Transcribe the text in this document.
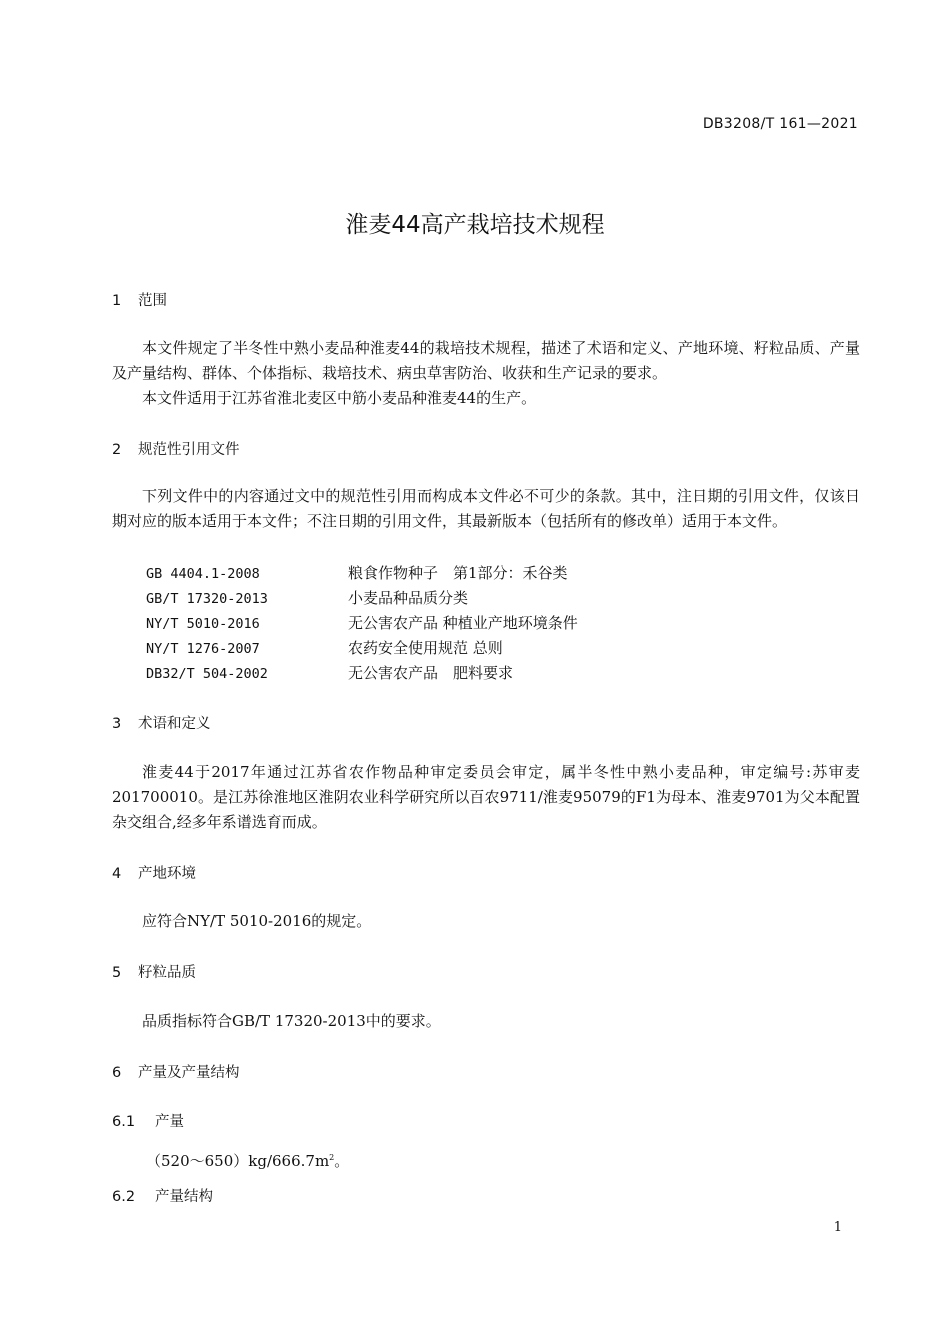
DB3208/T 161—2021
淮麦44高产栽培技术规程
1 范围

本文件规定了半冬性中熟小麦品种淮麦44的栽培技术规程，描述了术语和定义、产地环境、籽粒品质、产量及产量结构、群体、个体指标、栽培技术、病虫草害防治、收获和生产记录的要求。

本文件适用于江苏省淮北麦区中筋小麦品种淮麦44的生产。

2 规范性引用文件

下列文件中的内容通过文中的规范性引用而构成本文件必不可少的条款。其中，注日期的引用文件，仅该日期对应的版本适用于本文件；不注日期的引用文件，其最新版本（包括所有的修改单）适用于本文件。

GB 4404.1-2008	粮食作物种子　第1部分：禾谷类
GB/T 17320-2013	小麦品种品质分类
NY/T 5010-2016	无公害农产品 种植业产地环境条件
NY/T 1276-2007	农药安全使用规范 总则
DB32/T 504-2002	无公害农产品　肥料要求
3 术语和定义

淮麦44于2017年通过江苏省农作物品种审定委员会审定，属半冬性中熟小麦品种，审定编号:苏审麦201700010。是江苏徐淮地区淮阴农业科学研究所以百农9711/淮麦95079的F1为母本、淮麦9701为父本配置杂交组合,经多年系谱选育而成。

4 产地环境

应符合NY/T 5010-2016的规定。

5 籽粒品质

品质指标符合GB/T 17320-2013中的要求。

6 产量及产量结构
6.1 产量

$(520\sim 650)kg/666.7m^2$。

6.2 产量结构
1
